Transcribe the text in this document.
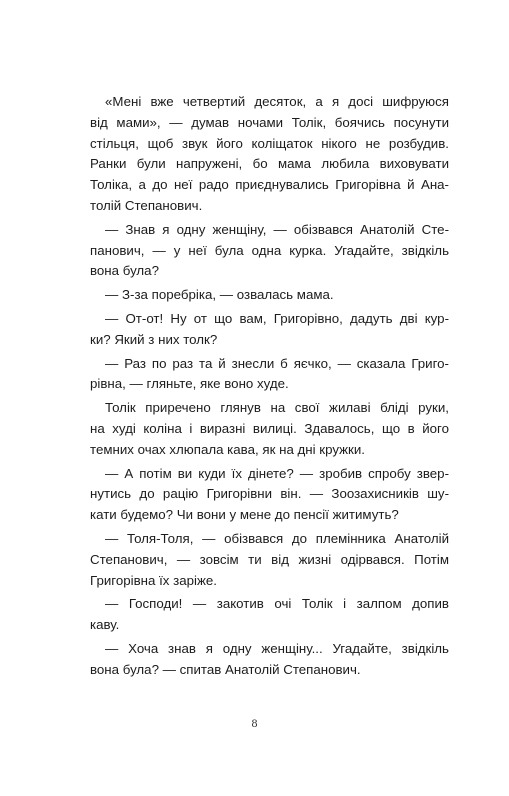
«Мені вже четвертий десяток, а я досі шифруюся
від мами», — думав ночами Толік, боячись посунути
стільця, щоб звук його коліщаток нікого не розбудив.
Ранки були напружені, бо мама любила виховувати
Толіка, а до неї радо приєднувались Григорівна й Ана-
толій Степанович.
— Знав я одну женщіну, — обізвався Анатолій Сте-
панович, — у неї була одна курка. Угадайте, звідкіль
вона була?
— З-за поребріка, — озвалась мама.
— От-от! Ну от що вам, Григорівно, дадуть дві кур-
ки? Який з них толк?
— Раз по раз та й знесли б яєчко, — сказала Григо-
рівна, — гляньте, яке воно худе.
Толік приречено глянув на свої жилаві бліді руки,
на худі коліна і виразні вилиці. Здавалось, що в його
темних очах хлюпала кава, як на дні кружки.
— А потім ви куди їх дінете? — зробив спробу звер-
нутись до рацію Григорівни він. — Зоозахисників шу-
кати будемо? Чи вони у мене до пенсії житимуть?
— Толя-Толя, — обізвався до племінника Анатолій
Степанович, — зовсім ти від жизні одірвався. Потім
Григорівна їх заріже.
— Господи! — закотив очі Толік і залпом допив
каву.
— Хоча знав я одну женщіну... Угадайте, звідкіль
вона була? — спитав Анатолій Степанович.
8
